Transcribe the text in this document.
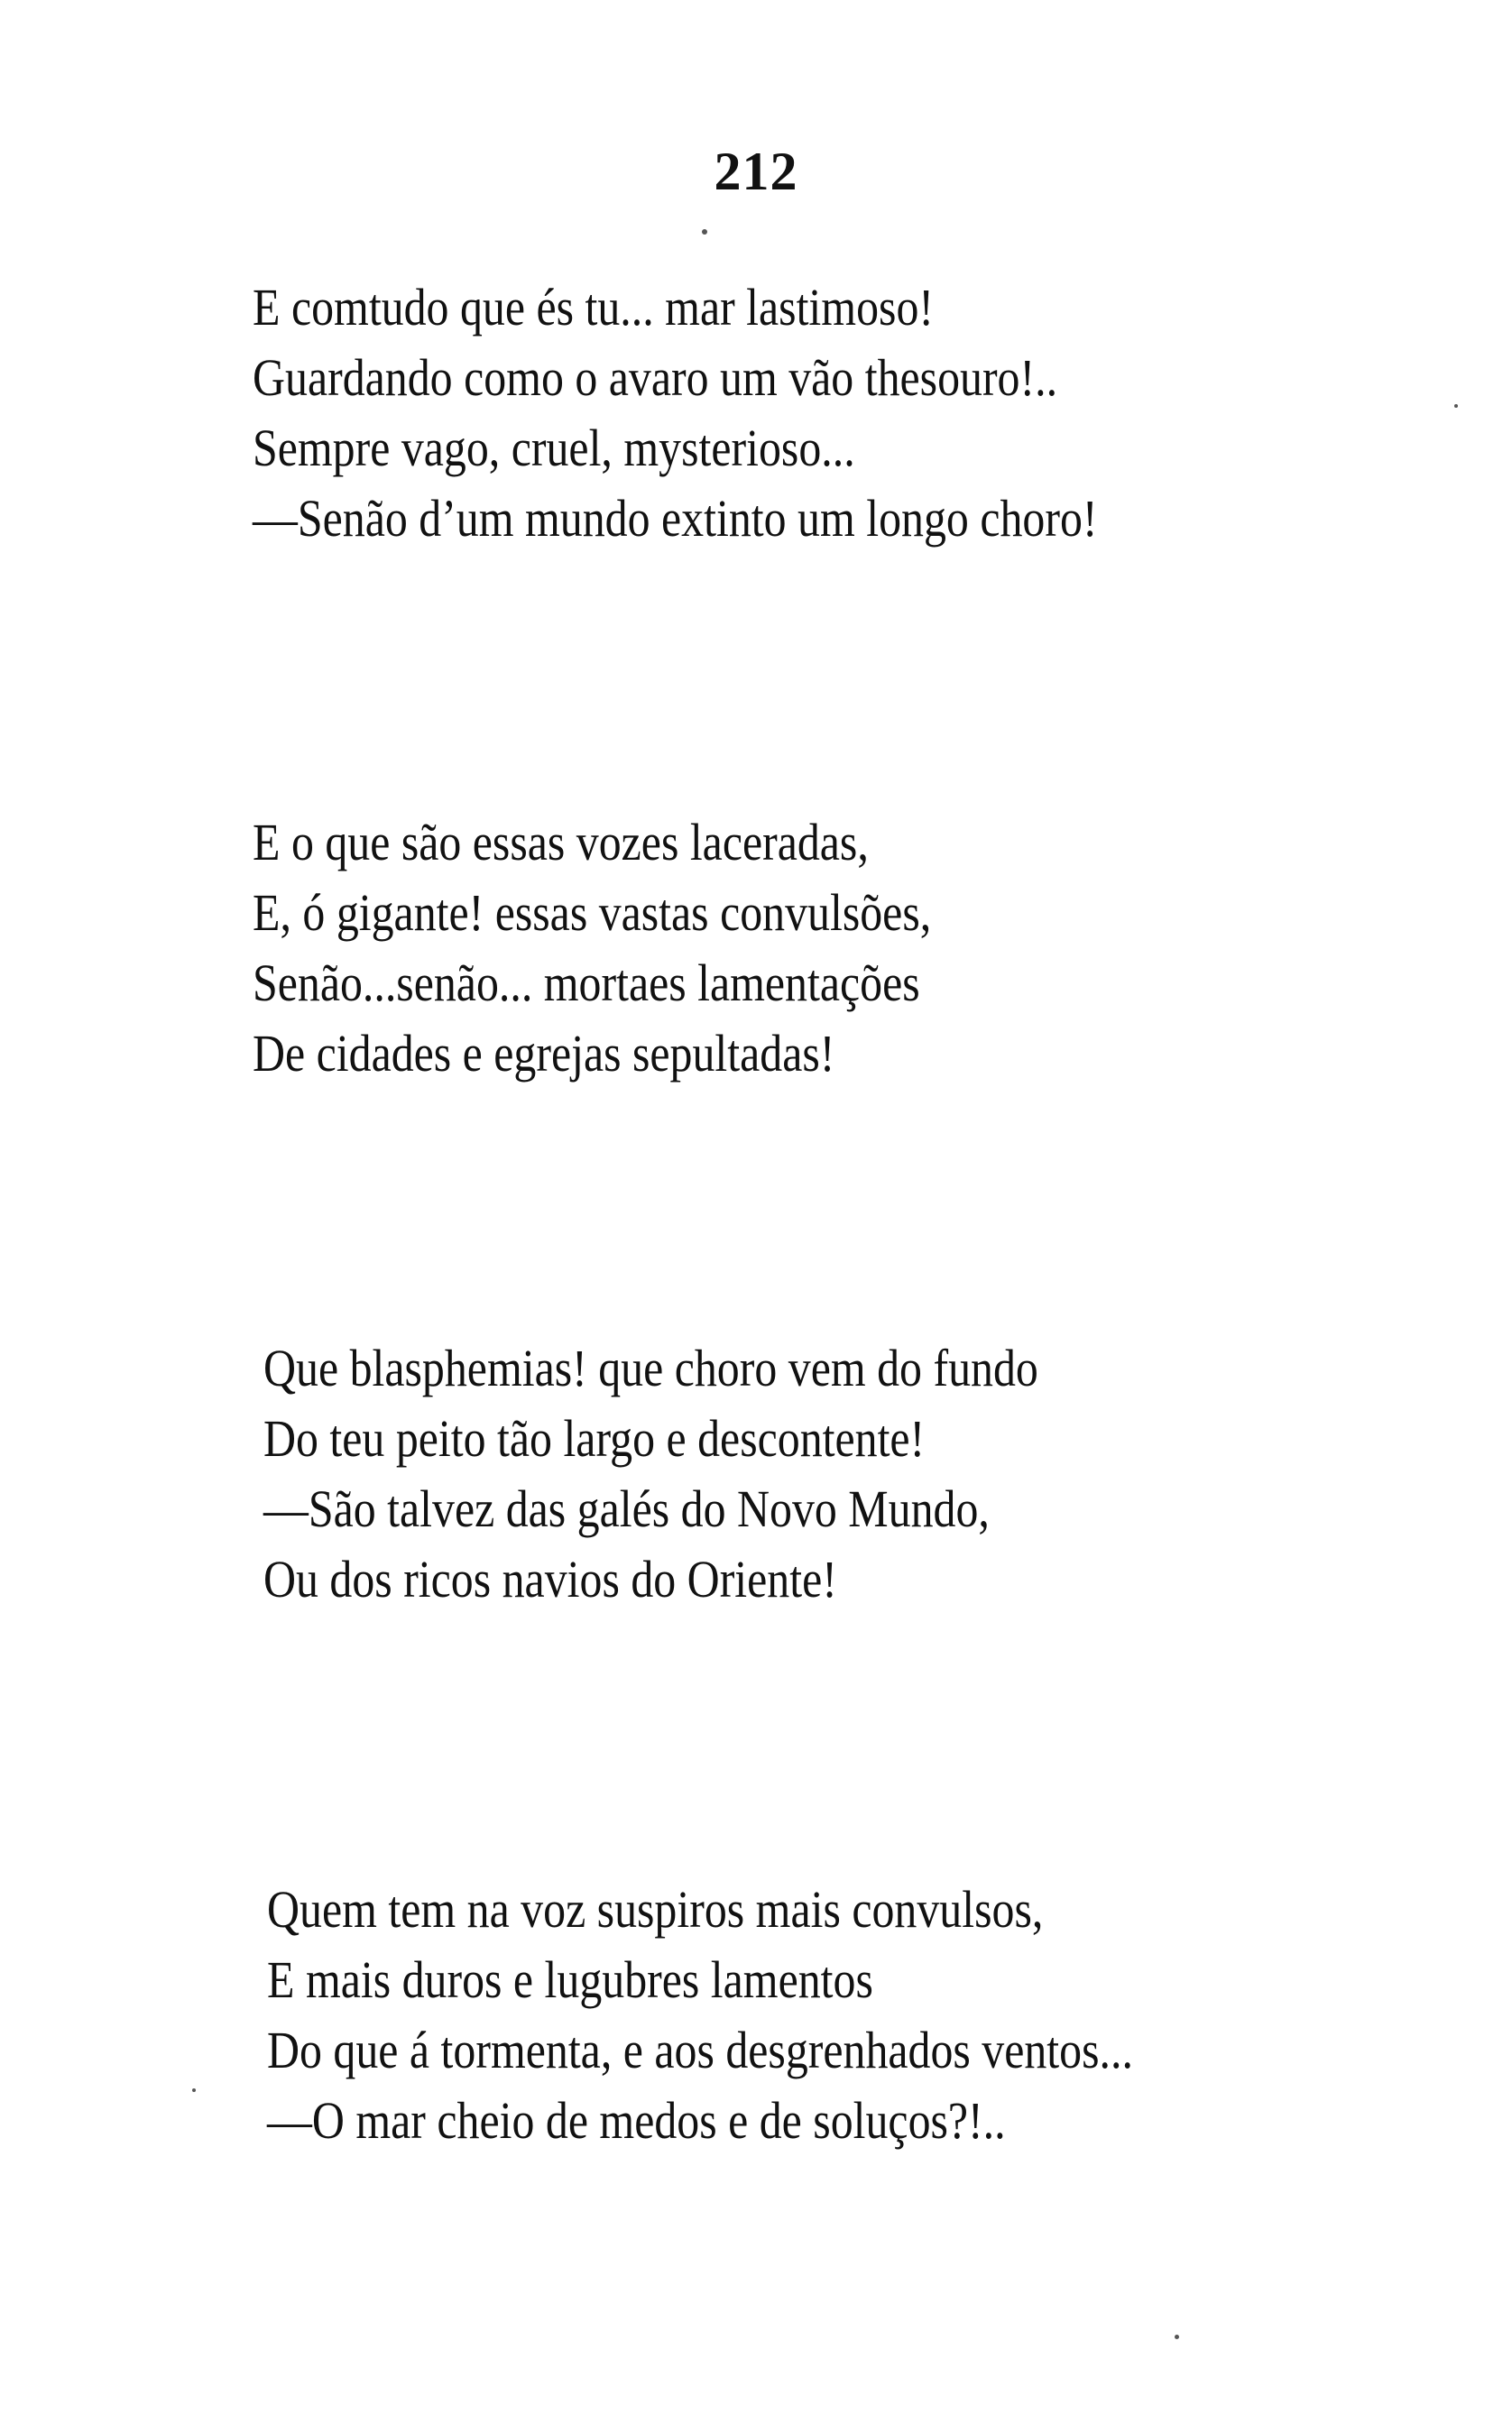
212
E comtudo que és tu... mar lastimoso!
Guardando como o avaro um vão thesouro!..
Sempre vago, cruel, mysterioso...
—Senão d’um mundo extinto um longo choro!
E o que são essas vozes laceradas,
E, ó gigante! essas vastas convulsões,
Senão...senão... mortaes lamentações
De cidades e egrejas sepultadas!
Que blasphemias! que choro vem do fundo
Do teu peito tão largo e descontente!
—São talvez das galés do Novo Mundo,
Ou dos ricos navios do Oriente!
Quem tem na voz suspiros mais convulsos,
E mais duros e lugubres lamentos
Do que á tormenta, e aos desgrenhados ventos...
—O mar cheio de medos e de soluços?!..
